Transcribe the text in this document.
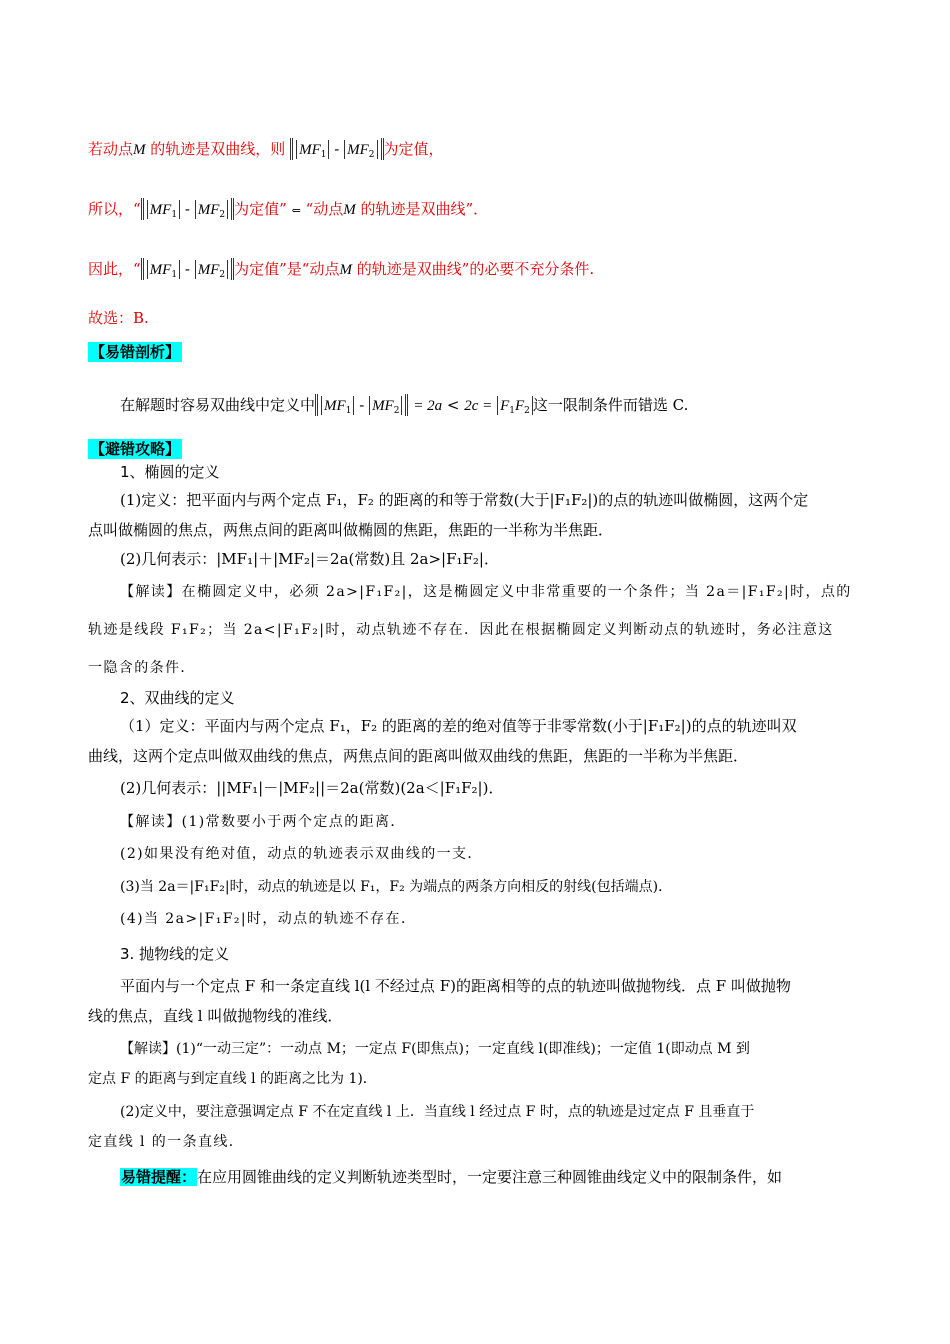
若动点M 的轨迹是双曲线，则 $MF_1 - MF_2$ 为定值，
所以，“ $MF_1 - MF_2$ 为定值” ⇐ “动点M 的轨迹是双曲线”．
因此，“ $MF_1 - MF_2$ 为定值”是“动点M 的轨迹是双曲线”的必要不充分条件.
故选：B.
【易错剖析】
在解题时容易双曲线中定义中 $MF_1 - MF_2 = 2a < 2c = F_1F_2$ 这一限制条件而错选 C.
【避错攻略】
1、椭圆的定义
(1)定义：把平面内与两个定点 F₁，F₂ 的距离的和等于常数(大于|F₁F₂|)的点的轨迹叫做椭圆，这两个定
点叫做椭圆的焦点，两焦点间的距离叫做椭圆的焦距，焦距的一半称为半焦距．
(2)几何表示：|MF₁|＋|MF₂|＝2a(常数)且 2a>|F₁F₂|．
【解读】在椭圆定义中，必须 2a>|F₁F₂|，这是椭圆定义中非常重要的一个条件；当 2a＝|F₁F₂|时，点的
轨迹是线段 F₁F₂；当 2a<|F₁F₂|时，动点轨迹不存在．因此在根据椭圆定义判断动点的轨迹时，务必注意这
一隐含的条件．
2、双曲线的定义
（1）定义：平面内与两个定点 F₁，F₂ 的距离的差的绝对值等于非零常数(小于|F₁F₂|)的点的轨迹叫双
曲线，这两个定点叫做双曲线的焦点，两焦点间的距离叫做双曲线的焦距，焦距的一半称为半焦距．
(2)几何表示：||MF₁|－|MF₂||＝2a(常数)(2a＜|F₁F₂|)．
【解读】(1)常数要小于两个定点的距离．
(2)如果没有绝对值，动点的轨迹表示双曲线的一支．
(3)当 2a＝|F₁F₂|时，动点的轨迹是以 F₁，F₂ 为端点的两条方向相反的射线(包括端点)．
(4)当 2a>|F₁F₂|时，动点的轨迹不存在．
3. 抛物线的定义
平面内与一个定点 F 和一条定直线 l(l 不经过点 F)的距离相等的点的轨迹叫做抛物线．点 F 叫做抛物
线的焦点，直线 l 叫做抛物线的准线．
【解读】(1)“一动三定”：一动点 M；一定点 F(即焦点)；一定直线 l(即准线)；一定值 1(即动点 M 到
定点 F 的距离与到定直线 l 的距离之比为 1)．
(2)定义中，要注意强调定点 F 不在定直线 l 上．当直线 l 经过点 F 时，点的轨迹是过定点 F 且垂直于
定直线 l 的一条直线．
易错提醒：在应用圆锥曲线的定义判断轨迹类型时，一定要注意三种圆锥曲线定义中的限制条件，如
